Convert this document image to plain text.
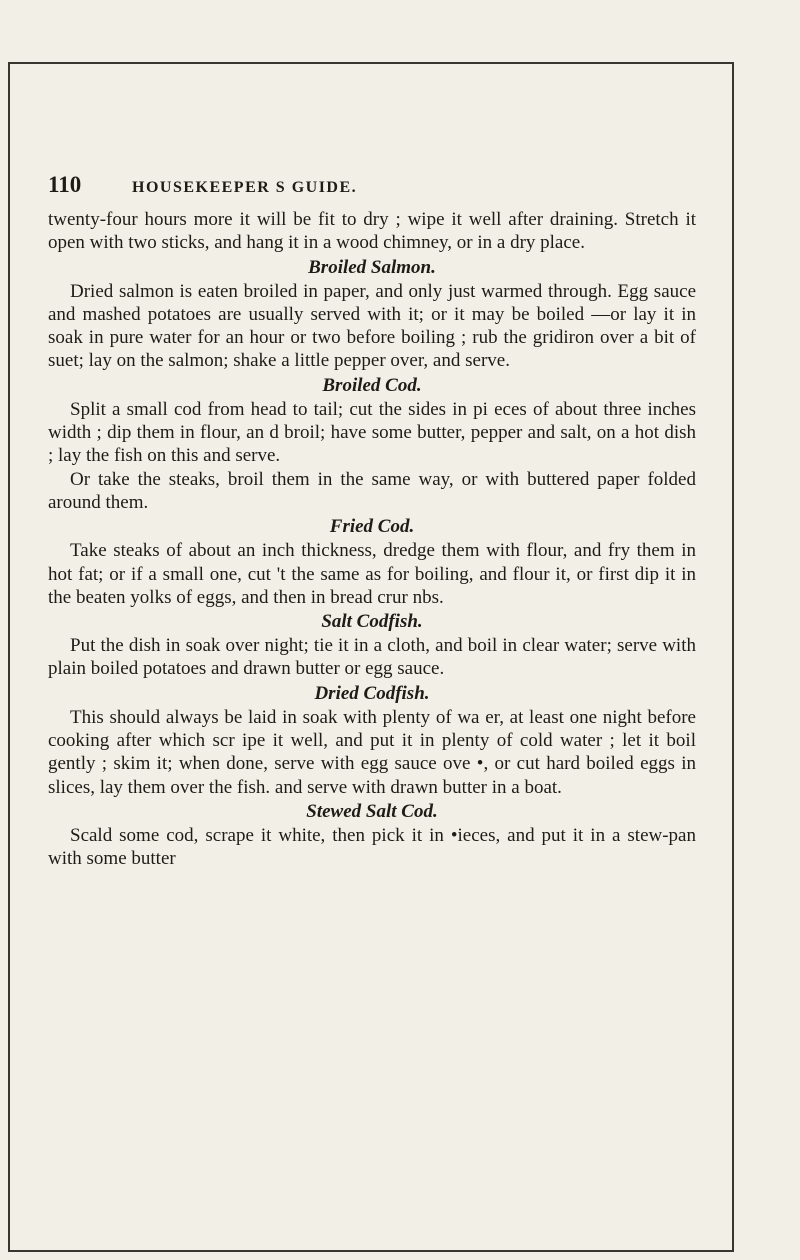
110	HOUSEKEEPER S GUIDE.

twenty-four hours more it will be fit to dry ; wipe it well after draining. Stretch it open with two sticks, and hang it in a wood chimney, or in a dry place.

Broiled Salmon.

Dried salmon is eaten broiled in paper, and only just warmed through. Egg sauce and mashed potatoes are usually served with it; or it may be boiled —or lay it in soak in pure water for an hour or two before boiling ; rub the gridiron over a bit of suet; lay on the salmon; shake a little pepper over, and serve.

Broiled Cod.

Split a small cod from head to tail; cut the sides in pi eces of about three inches width ; dip them in flour, an d broil; have some butter, pepper and salt, on a hot dish ; lay the fish on this and serve.

Or take the steaks, broil them in the same way, or with buttered paper folded around them.

Fried Cod.

Take steaks of about an inch thickness, dredge them with flour, and fry them in hot fat; or if a small one, cut 't the same as for boiling, and flour it, or first dip it in the beaten yolks of eggs, and then in bread crur nbs.

Salt Codfish.

Put the dish in soak over night; tie it in a cloth, and boil in clear water; serve with plain boiled potatoes and drawn butter or egg sauce.

Dried Codfish.

This should always be laid in soak with plenty of wa er, at least one night before cooking after which scr ipe it well, and put it in plenty of cold water ; let it boil gently ; skim it; when done, serve with egg sauce ove •, or cut hard boiled eggs in slices, lay them over the fish. and serve with drawn butter in a boat.

Stewed Salt Cod.

Scald some cod, scrape it white, then pick it in •ieces, and put it in a stew-pan with some butter
